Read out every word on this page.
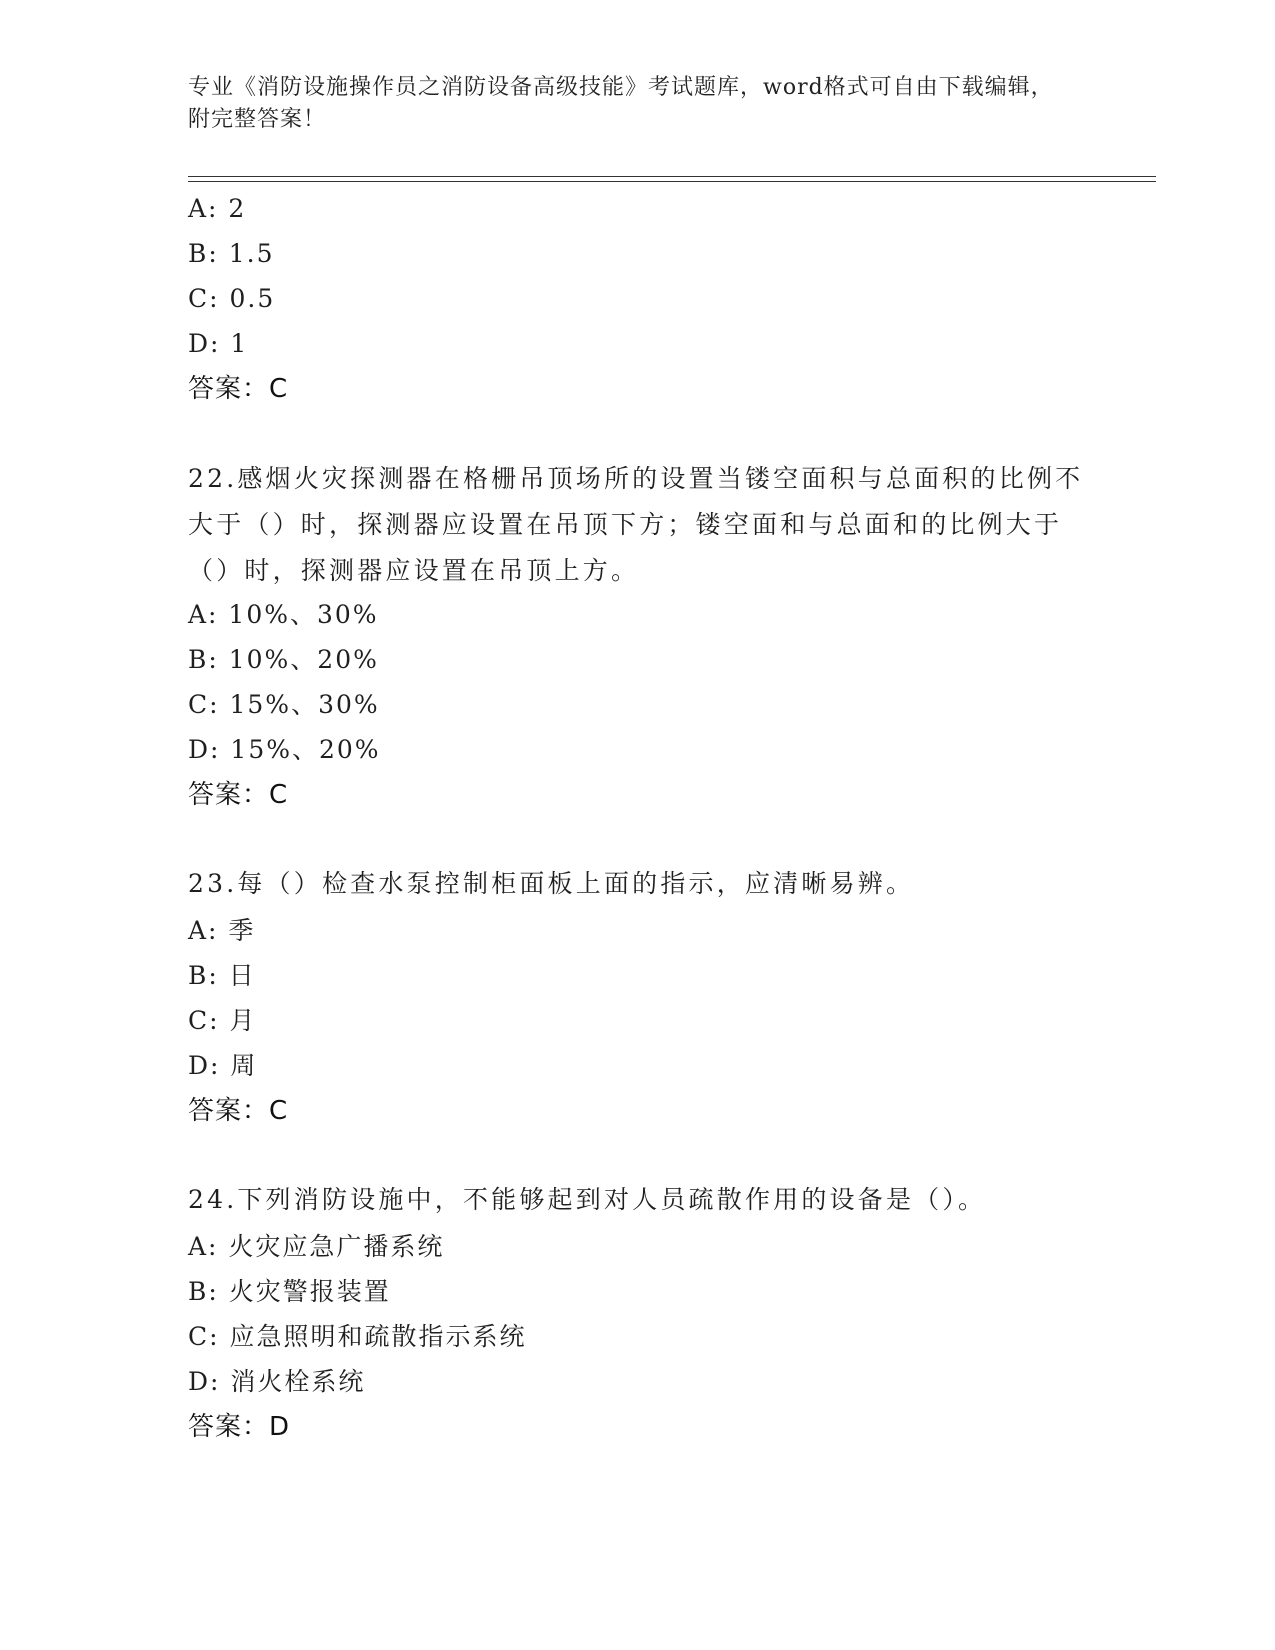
专业《消防设施操作员之消防设备高级技能》考试题库，word格式可自由下载编辑，附完整答案！
A: 2
B: 1.5
C: 0.5
D: 1
答案：C
22.感烟火灾探测器在格栅吊顶场所的设置当镂空面积与总面积的比例不大于（）时，探测器应设置在吊顶下方；镂空面和与总面和的比例大于（）时，探测器应设置在吊顶上方。
A: 10%、30%
B: 10%、20%
C: 15%、30%
D: 15%、20%
答案：C
23.每（）检查水泵控制柜面板上面的指示，应清晰易辨。
A: 季
B: 日
C: 月
D: 周
答案：C
24.下列消防设施中，不能够起到对人员疏散作用的设备是（）。
A: 火灾应急广播系统
B: 火灾警报装置
C: 应急照明和疏散指示系统
D: 消火栓系统
答案：D
